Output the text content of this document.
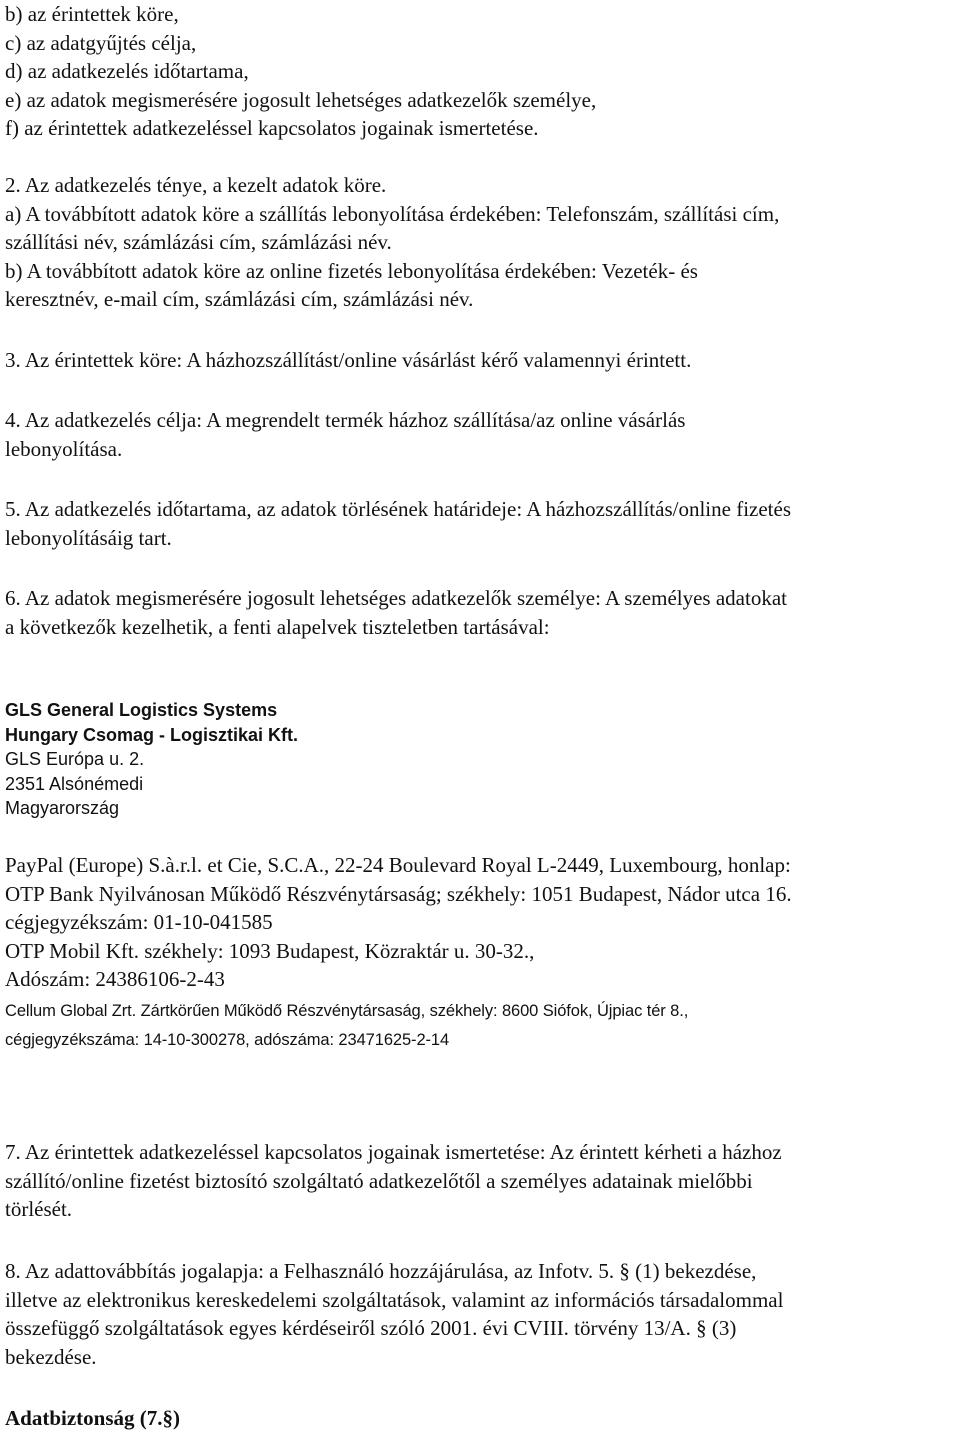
b) az érintettek köre,
c) az adatgyűjtés célja,
d) az adatkezelés időtartama,
e) az adatok megismerésére jogosult lehetséges adatkezelők személye,
f) az érintettek adatkezeléssel kapcsolatos jogainak ismertetése.
2. Az adatkezelés ténye, a kezelt adatok köre.
a) A továbbított adatok köre a szállítás lebonyolítása érdekében: Telefonszám, szállítási cím,
szállítási név, számlázási cím, számlázási név.
b) A továbbított adatok köre az online fizetés lebonyolítása érdekében: Vezeték- és
keresztnév, e-mail cím, számlázási cím, számlázási név.
3. Az érintettek köre: A házhozszállítást/online vásárlást kérő valamennyi érintett.
4. Az adatkezelés célja: A megrendelt termék házhoz szállítása/az online vásárlás
lebonyolítása.
5. Az adatkezelés időtartama, az adatok törlésének határideje: A házhozszállítás/online fizetés
lebonyolításáig tart.
6. Az adatok megismerésére jogosult lehetséges adatkezelők személye: A személyes adatokat
a következők kezelhetik, a fenti alapelvek tiszteletben tartásával:
GLS General Logistics Systems
Hungary Csomag - Logisztikai Kft.
GLS Európa u. 2.
2351 Alsónémedi
Magyarország
PayPal (Europe) S.à.r.l. et Cie, S.C.A., 22-24 Boulevard Royal L-2449, Luxembourg, honlap:
OTP Bank Nyilvánosan Működő Részvénytársaság; székhely: 1051 Budapest, Nádor utca 16.
cégjegyzékszám: 01-10-041585
OTP Mobil Kft. székhely: 1093 Budapest, Közraktár u. 30-32.,
Adószám: 24386106-2-43
Cellum Global Zrt. Zártkörűen Működő Részvénytársaság, székhely: 8600 Siófok, Újpiac tér 8.,
cégjegyzékszáma: 14-10-300278, adószáma: 23471625-2-14
7. Az érintettek adatkezeléssel kapcsolatos jogainak ismertetése: Az érintett kérheti a házhoz
szállító/online fizetést biztosító szolgáltató adatkezelőtől a személyes adatainak mielőbbi
törlését.
8. Az adattovábbítás jogalapja: a Felhasználó hozzájárulása, az Infotv. 5. § (1) bekezdése,
illetve az elektronikus kereskedelemi szolgáltatások, valamint az információs társadalommal
összefüggő szolgáltatások egyes kérdéseiről szóló 2001. évi CVIII. törvény 13/A. § (3)
bekezdése.
Adatbiztonság (7.§)
